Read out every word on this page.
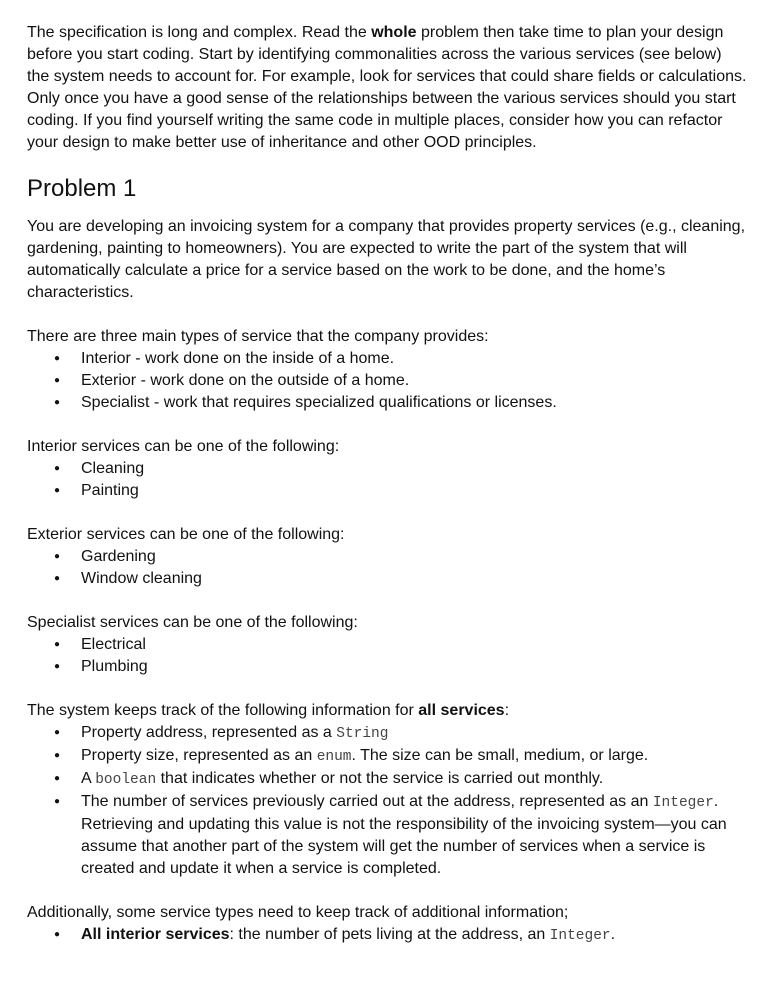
The specification is long and complex. Read the whole problem then take time to plan your design before you start coding. Start by identifying commonalities across the various services (see below) the system needs to account for. For example, look for services that could share fields or calculations. Only once you have a good sense of the relationships between the various services should you start coding. If you find yourself writing the same code in multiple places, consider how you can refactor your design to make better use of inheritance and other OOD principles.

Problem 1

You are developing an invoicing system for a company that provides property services (e.g., cleaning, gardening, painting to homeowners). You are expected to write the part of the system that will automatically calculate a price for a service based on the work to be done, and the home’s characteristics.

There are three main types of service that the company provides:

● Interior - work done on the inside of a home.
● Exterior - work done on the outside of a home.
● Specialist - work that requires specialized qualifications or licenses.

Interior services can be one of the following:

● Cleaning
● Painting

Exterior services can be one of the following:

● Gardening
● Window cleaning

Specialist services can be one of the following:

● Electrical
● Plumbing

The system keeps track of the following information for all services:

● Property address, represented as a String
● Property size, represented as an enum. The size can be small, medium, or large.
● A boolean that indicates whether or not the service is carried out monthly.
● The number of services previously carried out at the address, represented as an Integer. Retrieving and updating this value is not the responsibility of the invoicing system—you can assume that another part of the system will get the number of services when a service is created and update it when a service is completed.

Additionally, some service types need to keep track of additional information;

● All interior services: the number of pets living at the address, an Integer.
